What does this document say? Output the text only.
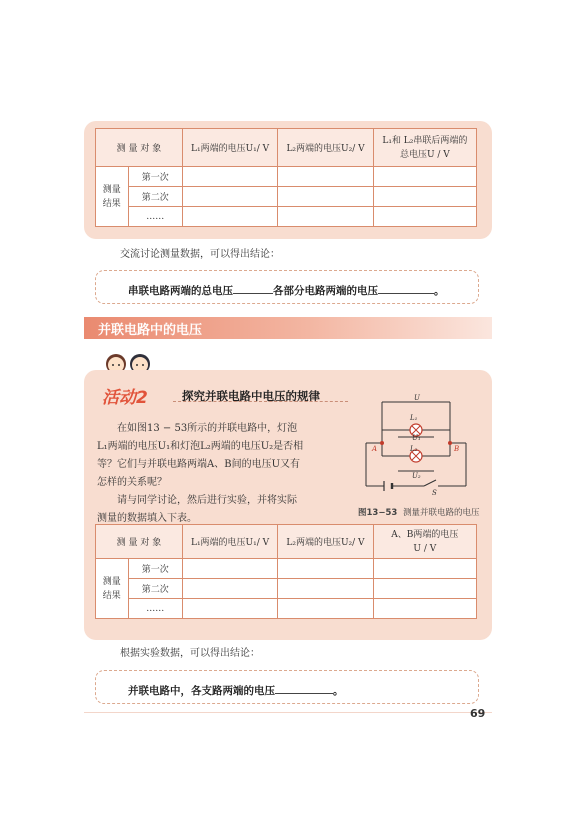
测 量 对 象		L₁两端的电压U₁/ V	L₂两端的电压U₂/ V	L₁和 L₂串联后两端的
总电压U / V

测量
结果	第一次			
	第二次			
	……			
交流讨论测量数据，可以得出结论：
串联电路两端的总电压	各部分电路两端的电压	。
并联电路中的电压
活动2	探究并联电路中电压的规律
在如图13 − 53所示的并联电路中，灯泡
L₁两端的电压U₁和灯泡L₂两端的电压U₂是否相
等？它们与并联电路两端A、B间的电压U又有
怎样的关系呢？
请与同学讨论，然后进行实验，并将实际
测量的数据填入下表。
U
L₁
U₁
L₂
U₂
A	B
S
图13−53 测量并联电路的电压
测 量 对 象		L₁两端的电压U₁/ V	L₂两端的电压U₂/ V	A、B两端的电压
U / V

测量
结果	第一次			
	第二次			
	……			
根据实验数据，可以得出结论：
并联电路中，各支路两端的电压	。
69
